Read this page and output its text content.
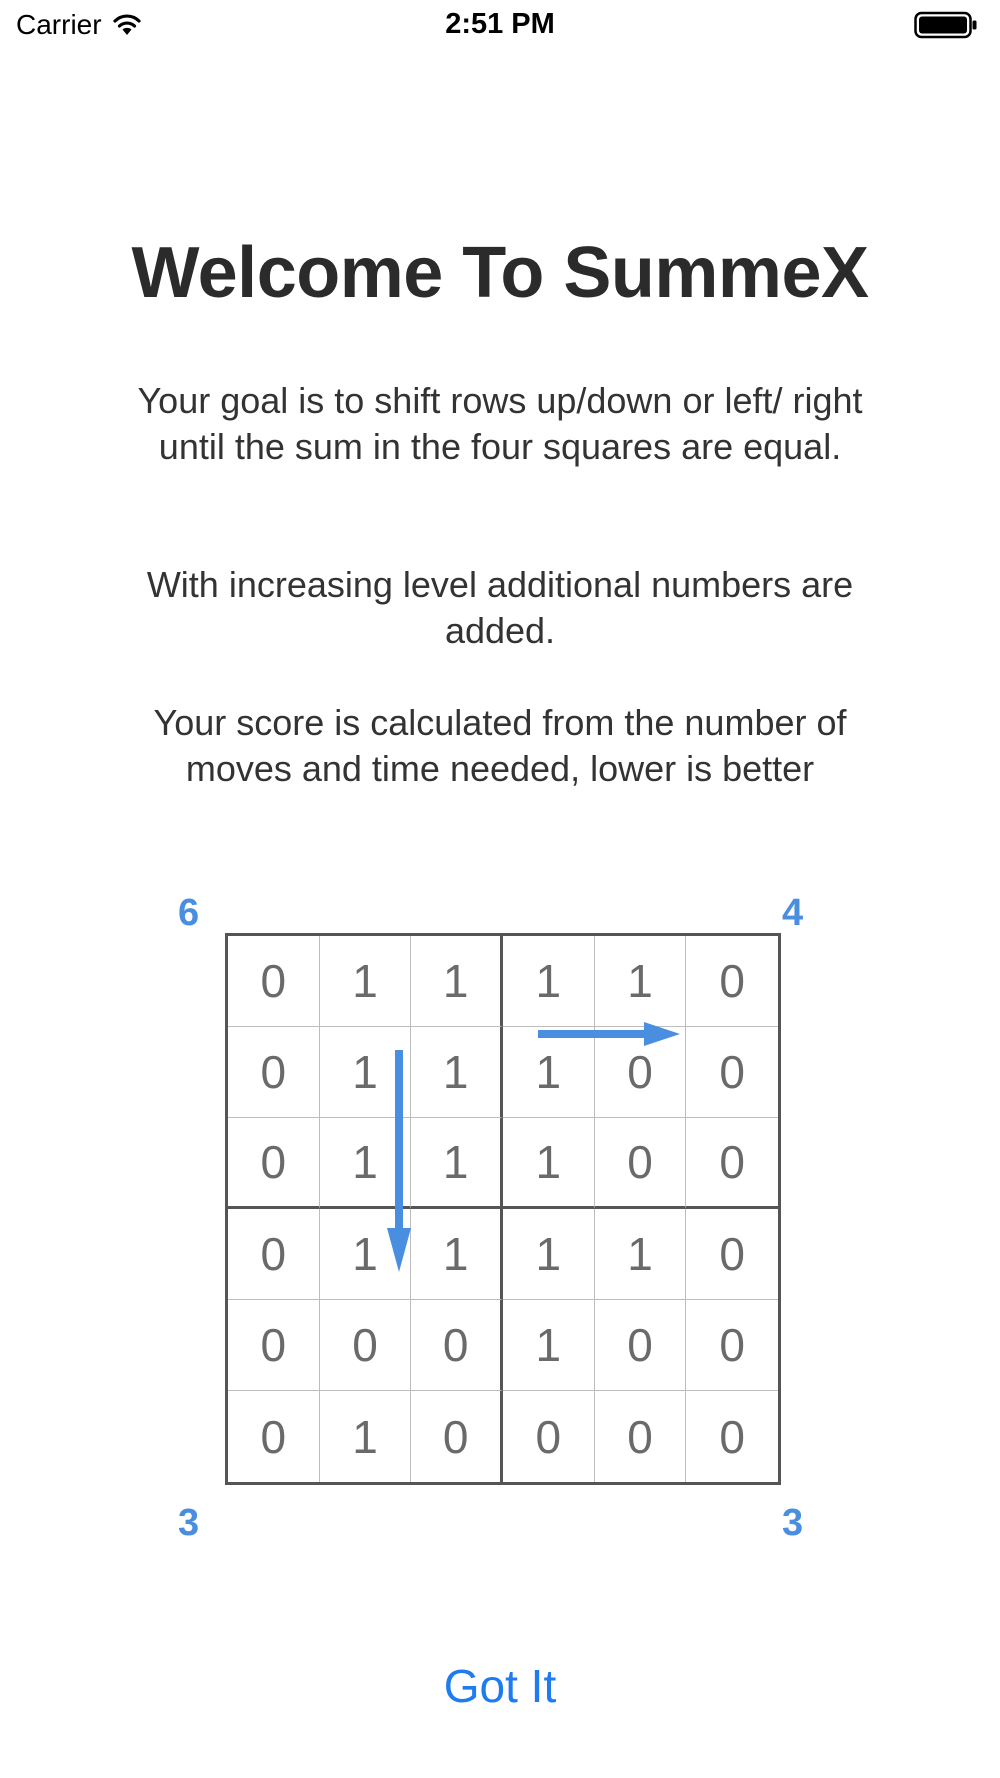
Carrier	2:51 PM
Welcome To SummeX
Your goal is to shift rows up/down or left/ right until the sum in the four squares are equal.
With increasing level additional numbers are added.
Your score is calculated from the number of moves and time needed, lower is better
6	4
3	3
0	1	1	1	1	0
0	1	1	1	0	0
0	1	1	1	0	0
0	1	1	1	1	0
0	0	0	1	0	0
0	1	0	0	0	0
Got It
